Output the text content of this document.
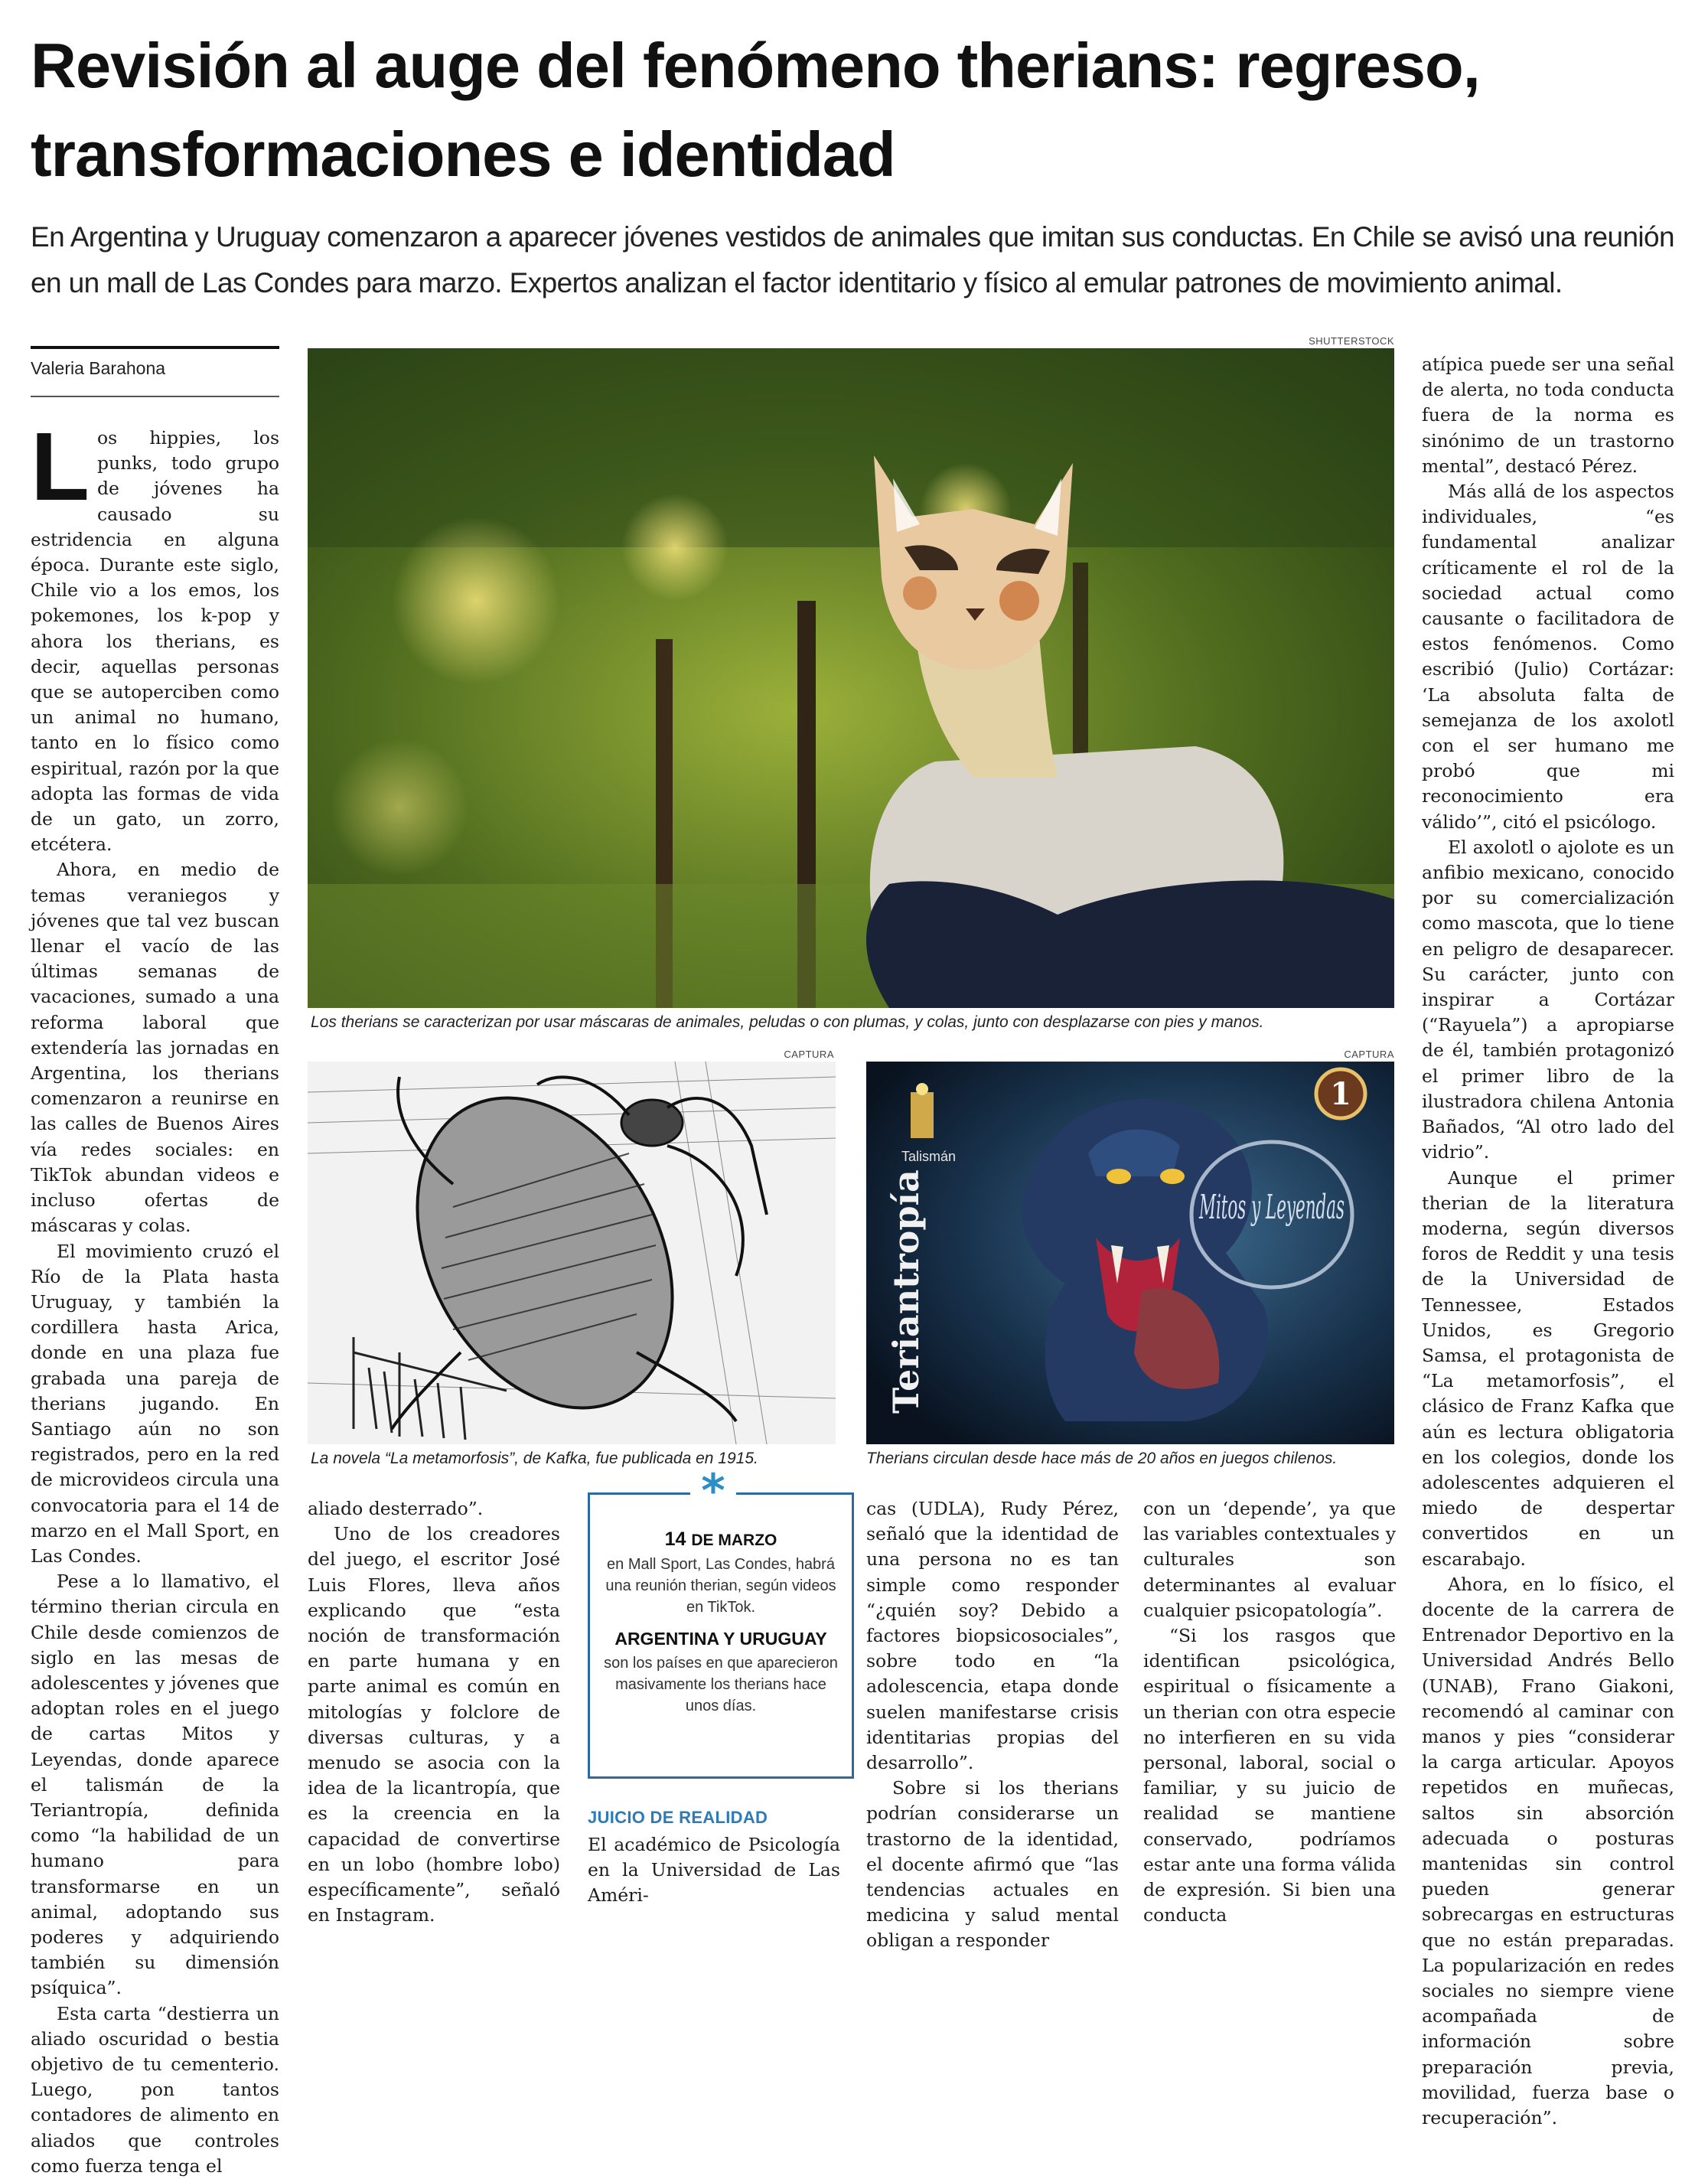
Revisión al auge del fenómeno therians: regreso, transformaciones e identidad

En Argentina y Uruguay comenzaron a aparecer jóvenes vestidos de animales que imitan sus conductas. En Chile se avisó una reunión en un mall de Las Condes para marzo. Expertos analizan el factor identitario y físico al emular patrones de movimiento animal.

Valeria Barahona
SHUTTERSTOCK
Los therians se caracterizan por usar máscaras de animales, peludas o con plumas, y colas, junto con desplazarse con pies y manos.
CAPTURA
La novela “La metamorfosis”, de Kafka, fue publicada en 1915.
CAPTURA
Mitos y Leyendas
Teriantropía
Talismán
1
Therians circulan desde hace más de 20 años en juegos chilenos.

Los hippies, los punks, todo grupo de jóvenes ha causado su estridencia en alguna época. Durante este siglo, Chile vio a los emos, los pokemones, los k-pop y ahora los therians, es decir, aquellas personas que se autoperciben como un animal no humano, tanto en lo físico como espiritual, razón por la que adopta las formas de vida de un gato, un zorro, etcétera.

Ahora, en medio de temas veraniegos y jóvenes que tal vez buscan llenar el vacío de las últimas semanas de vacaciones, sumado a una reforma laboral que extendería las jornadas en Argentina, los therians comenzaron a reunirse en las calles de Buenos Aires vía redes sociales: en TikTok abundan videos e incluso ofertas de máscaras y colas.

El movimiento cruzó el Río de la Plata hasta Uruguay, y también la cordillera hasta Arica, donde en una plaza fue grabada una pareja de therians jugando. En Santiago aún no son registrados, pero en la red de microvideos circula una convocatoria para el 14 de marzo en el Mall Sport, en Las Condes.

Pese a lo llamativo, el término therian circula en Chile desde comienzos de siglo en las mesas de adolescentes y jóvenes que adoptan roles en el juego de cartas Mitos y Leyendas, donde aparece el talismán de la Teriantropía, definida como “la habilidad de un humano para transformarse en un animal, adoptando sus poderes y adquiriendo también su dimensión psíquica”.

Esta carta “destierra un aliado oscuridad o bestia objetivo de tu cementerio. Luego, pon tantos contadores de alimento en aliados que controles como fuerza tenga el

aliado desterrado”.

Uno de los creadores del juego, el escritor José Luis Flores, lleva años explicando que “esta noción de transformación en parte humana y en parte animal es común en mitologías y folclore de diversas culturas, y a menudo se asocia con la idea de la licantropía, que es la creencia en la capacidad de convertirse en un lobo (hombre lobo) específicamente”, señaló en Instagram.

14 DE MARZO
en Mall Sport, Las Condes, habrá una reunión therian, según videos en TikTok.
ARGENTINA Y URUGUAY
son los países en que aparecieron masivamente los therians hace unos días.
*
JUICIO DE REALIDAD

El académico de Psicología en la Universidad de Las Améri-

cas (UDLA), Rudy Pérez, señaló que la identidad de una persona no es tan simple como responder “¿quién soy? Debido a factores biopsicosociales”, sobre todo en “la adolescencia, etapa donde suelen manifestarse crisis identitarias propias del desarrollo”.

Sobre si los therians podrían considerarse un trastorno de la identidad, el docente afirmó que “las tendencias actuales en medicina y salud mental obligan a responder

con un ‘depende’, ya que las variables contextuales y culturales son determinantes al evaluar cualquier psicopatología”.

“Si los rasgos que identifican psicológica, espiritual o físicamente a un therian con otra especie no interfieren en su vida personal, laboral, social o familiar, y su juicio de realidad se mantiene conservado, podríamos estar ante una forma válida de expresión. Si bien una conducta

atípica puede ser una señal de alerta, no toda conducta fuera de la norma es sinónimo de un trastorno mental”, destacó Pérez.

Más allá de los aspectos individuales, “es fundamental analizar críticamente el rol de la sociedad actual como causante o facilitadora de estos fenómenos. Como escribió (Julio) Cortázar: ‘La absoluta falta de semejanza de los axolotl con el ser humano me probó que mi reconocimiento era válido’”, citó el psicólogo.

El axolotl o ajolote es un anfibio mexicano, conocido por su comercialización como mascota, que lo tiene en peligro de desaparecer. Su carácter, junto con inspirar a Cortázar (“Rayuela”) a apropiarse de él, también protagonizó el primer libro de la ilustradora chilena Antonia Bañados, “Al otro lado del vidrio”.

Aunque el primer therian de la literatura moderna, según diversos foros de Reddit y una tesis de la Universidad de Tennessee, Estados Unidos, es Gregorio Samsa, el protagonista de “La metamorfosis”, el clásico de Franz Kafka que aún es lectura obligatoria en los colegios, donde los adolescentes adquieren el miedo de despertar convertidos en un escarabajo.

Ahora, en lo físico, el docente de la carrera de Entrenador Deportivo en la Universidad Andrés Bello (UNAB), Frano Giakoni, recomendó al caminar con manos y pies “considerar la carga articular. Apoyos repetidos en muñecas, saltos sin absorción adecuada o posturas mantenidas sin control pueden generar sobrecargas en estructuras que no están preparadas. La popularización en redes sociales no siempre viene acompañada de información sobre preparación previa, movilidad, fuerza base o recuperación”.
